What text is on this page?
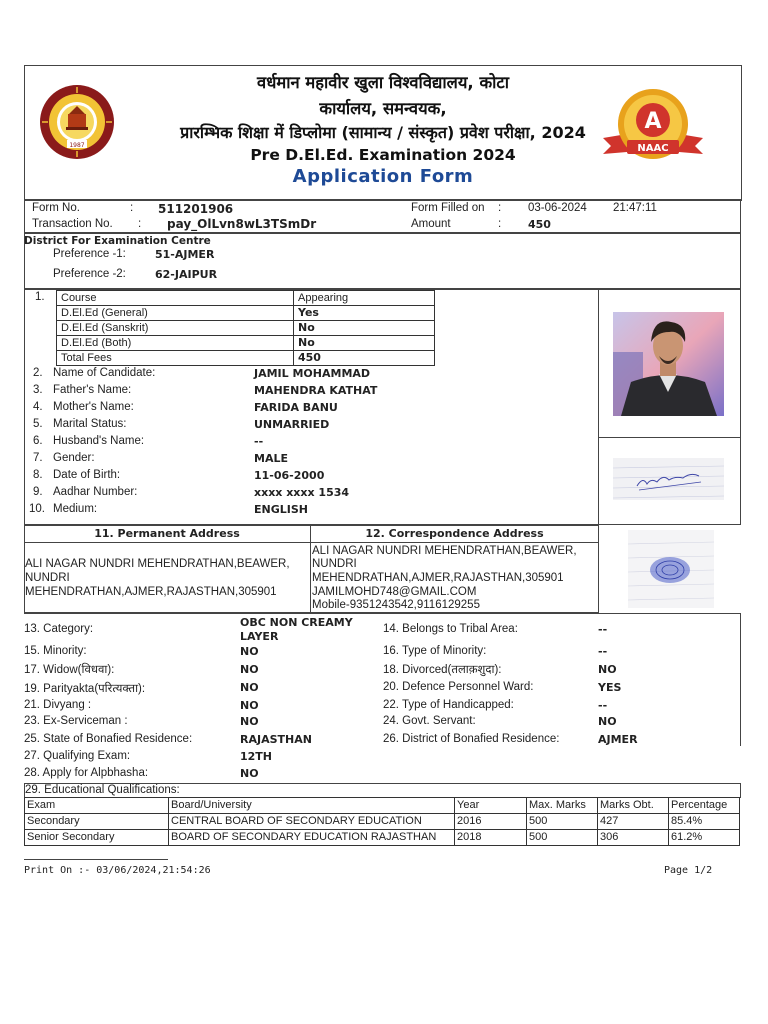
1987
वर्धमान महावीर खुला विश्वविद्यालय, कोटा
कार्यालय, समन्वयक,
प्रारम्भिक शिक्षा में डिप्लोमा (सामान्य / संस्कृत) प्रवेश परीक्षा, 2024
Pre D.El.Ed. Examination 2024
Application Form
A
NAAC
Form No.	: 511201906
Transaction No. : pay_OlLvn8wL3TSmDr
Form Filled on : 03-06-2024 21:47:11
Amount	: 450
District For Examination Centre
Preference -1:	51-AJMER
Preference -2:	62-JAIPUR
1. Course	Appearing
D.El.Ed (General)	Yes
D.El.Ed (Sanskrit)	No
D.El.Ed (Both)	No
Total Fees	450
2. Name of Candidate:	JAMIL MOHAMMAD
3. Father's Name:	MAHENDRA KATHAT
4. Mother's Name:	FARIDA BANU
5. Marital Status:	UNMARRIED
6. Husband's Name:	--
7. Gender:	MALE
8. Date of Birth:	11-06-2000
9. Aadhar Number:	xxxx xxxx 1534
10. Medium:	ENGLISH
11. Permanent Address	12. Correspondence Address
ALI NAGAR NUNDRI MEHENDRATHAN,BEAWER,
NUNDRI
MEHENDRATHAN,AJMER,RAJASTHAN,305901
ALI NAGAR NUNDRI MEHENDRATHAN,BEAWER,
NUNDRI
MEHENDRATHAN,AJMER,RAJASTHAN,305901
JAMILMOHD748@GMAIL.COM
Mobile-9351243542,9116129255
13. Category:	OBC NON CREAMY
LAYER
15. Minority:	NO
17. Widow(विधवा):	NO
19. Parityakta(परित्यक्ता):	NO
21. Divyang :	NO
23. Ex-Serviceman :	NO
25. State of Bonafied Residence:	RAJASTHAN
27. Qualifying Exam:	12TH
28. Apply for Alpbhasha:	NO
14. Belongs to Tribal Area:	--
16. Type of Minority:	--
18. Divorced(तलाक़शुदा):	NO
20. Defence Personnel Ward:	YES
22. Type of Handicapped:	--
24. Govt. Servant:	NO
26. District of Bonafied Residence:	AJMER
29. Educational Qualifications:
Exam	Board/University	Year	Max. Marks	Marks Obt.	Percentage
Secondary	CENTRAL BOARD OF SECONDARY EDUCATION	2016	500	427	85.4%
Senior Secondary	BOARD OF SECONDARY EDUCATION RAJASTHAN	2018	500	306	61.2%
Print On :- 03/06/2024,21:54:26	Page 1/2
